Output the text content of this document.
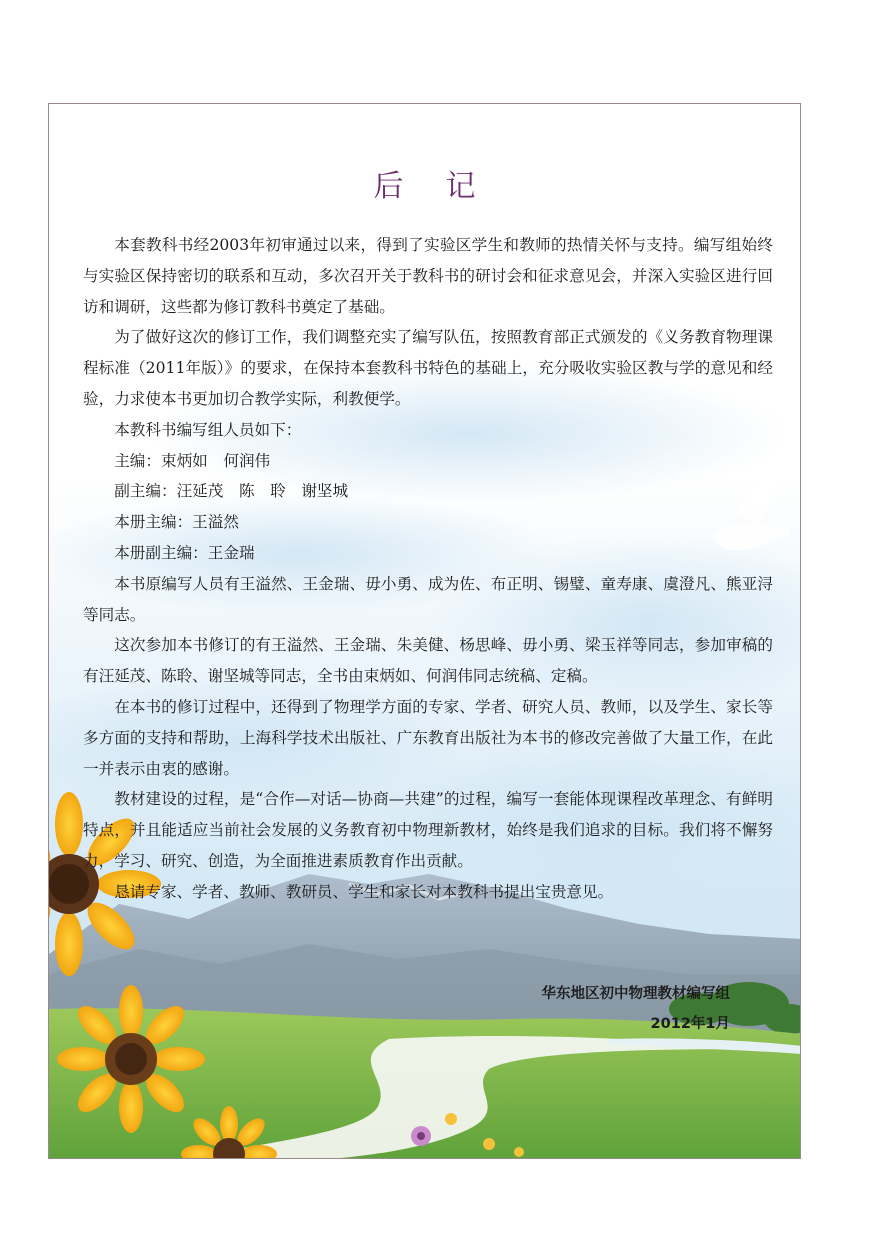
后 记

本套教科书经2003年初审通过以来，得到了实验区学生和教师的热情关怀与支持。编写组始终与实验区保持密切的联系和互动，多次召开关于教科书的研讨会和征求意见会，并深入实验区进行回访和调研，这些都为修订教科书奠定了基础。

为了做好这次的修订工作，我们调整充实了编写队伍，按照教育部正式颁发的《义务教育物理课程标准（2011年版）》的要求，在保持本套教科书特色的基础上，充分吸收实验区教与学的意见和经验，力求使本书更加切合教学实际，利教便学。

本教科书编写组人员如下：

主编：束炳如　何润伟
副主编：汪延茂　陈　聆　谢坚城
本册主编：王溢然
本册副主编：王金瑞

本书原编写人员有王溢然、王金瑞、毋小勇、成为佐、布正明、锡璧、童寿康、虞澄凡、熊亚浔等同志。

这次参加本书修订的有王溢然、王金瑞、朱美健、杨思峰、毋小勇、梁玉祥等同志，参加审稿的有汪延茂、陈聆、谢坚城等同志，全书由束炳如、何润伟同志统稿、定稿。

在本书的修订过程中，还得到了物理学方面的专家、学者、研究人员、教师，以及学生、家长等多方面的支持和帮助，上海科学技术出版社、广东教育出版社为本书的修改完善做了大量工作，在此一并表示由衷的感谢。

教材建设的过程，是“合作—对话—协商—共建”的过程，编写一套能体现课程改革理念、有鲜明特点，并且能适应当前社会发展的义务教育初中物理新教材，始终是我们追求的目标。我们将不懈努力，学习、研究、创造，为全面推进素质教育作出贡献。

恳请专家、学者、教师、教研员、学生和家长对本教科书提出宝贵意见。

华东地区初中物理教材编写组
2012年1月
